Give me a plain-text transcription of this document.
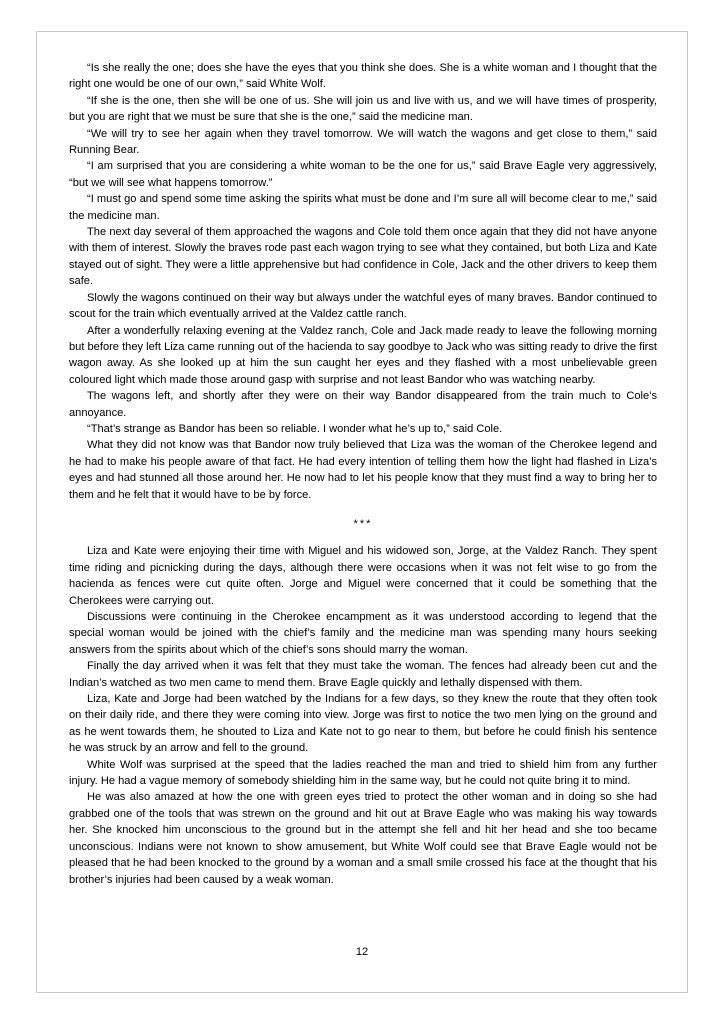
“Is she really the one; does she have the eyes that you think she does. She is a white woman and I thought that the right one would be one of our own,” said White Wolf.

“If she is the one, then she will be one of us. She will join us and live with us, and we will have times of prosperity, but you are right that we must be sure that she is the one,” said the medicine man.

“We will try to see her again when they travel tomorrow. We will watch the wagons and get close to them,” said Running Bear.

“I am surprised that you are considering a white woman to be the one for us,” said Brave Eagle very aggressively, “but we will see what happens tomorrow.”

“I must go and spend some time asking the spirits what must be done and I’m sure all will become clear to me,” said the medicine man.

The next day several of them approached the wagons and Cole told them once again that they did not have anyone with them of interest. Slowly the braves rode past each wagon trying to see what they contained, but both Liza and Kate stayed out of sight. They were a little apprehensive but had confidence in Cole, Jack and the other drivers to keep them safe.

Slowly the wagons continued on their way but always under the watchful eyes of many braves. Bandor continued to scout for the train which eventually arrived at the Valdez cattle ranch.

After a wonderfully relaxing evening at the Valdez ranch, Cole and Jack made ready to leave the following morning but before they left Liza came running out of the hacienda to say goodbye to Jack who was sitting ready to drive the first wagon away. As she looked up at him the sun caught her eyes and they flashed with a most unbelievable green coloured light which made those around gasp with surprise and not least Bandor who was watching nearby.

The wagons left, and shortly after they were on their way Bandor disappeared from the train much to Cole’s annoyance.

“That’s strange as Bandor has been so reliable. I wonder what he’s up to,” said Cole.

What they did not know was that Bandor now truly believed that Liza was the woman of the Cherokee legend and he had to make his people aware of that fact. He had every intention of telling them how the light had flashed in Liza’s eyes and had stunned all those around her. He now had to let his people know that they must find a way to bring her to them and he felt that it would have to be by force.

***

Liza and Kate were enjoying their time with Miguel and his widowed son, Jorge, at the Valdez Ranch. They spent time riding and picnicking during the days, although there were occasions when it was not felt wise to go from the hacienda as fences were cut quite often. Jorge and Miguel were concerned that it could be something that the Cherokees were carrying out.

Discussions were continuing in the Cherokee encampment as it was understood according to legend that the special woman would be joined with the chief’s family and the medicine man was spending many hours seeking answers from the spirits about which of the chief’s sons should marry the woman.

Finally the day arrived when it was felt that they must take the woman. The fences had already been cut and the Indian’s watched as two men came to mend them. Brave Eagle quickly and lethally dispensed with them.

Liza, Kate and Jorge had been watched by the Indians for a few days, so they knew the route that they often took on their daily ride, and there they were coming into view. Jorge was first to notice the two men lying on the ground and as he went towards them, he shouted to Liza and Kate not to go near to them, but before he could finish his sentence he was struck by an arrow and fell to the ground.

White Wolf was surprised at the speed that the ladies reached the man and tried to shield him from any further injury. He had a vague memory of somebody shielding him in the same way, but he could not quite bring it to mind.

He was also amazed at how the one with green eyes tried to protect the other woman and in doing so she had grabbed one of the tools that was strewn on the ground and hit out at Brave Eagle who was making his way towards her. She knocked him unconscious to the ground but in the attempt she fell and hit her head and she too became unconscious. Indians were not known to show amusement, but White Wolf could see that Brave Eagle would not be pleased that he had been knocked to the ground by a woman and a small smile crossed his face at the thought that his brother’s injuries had been caused by a weak woman.

12
